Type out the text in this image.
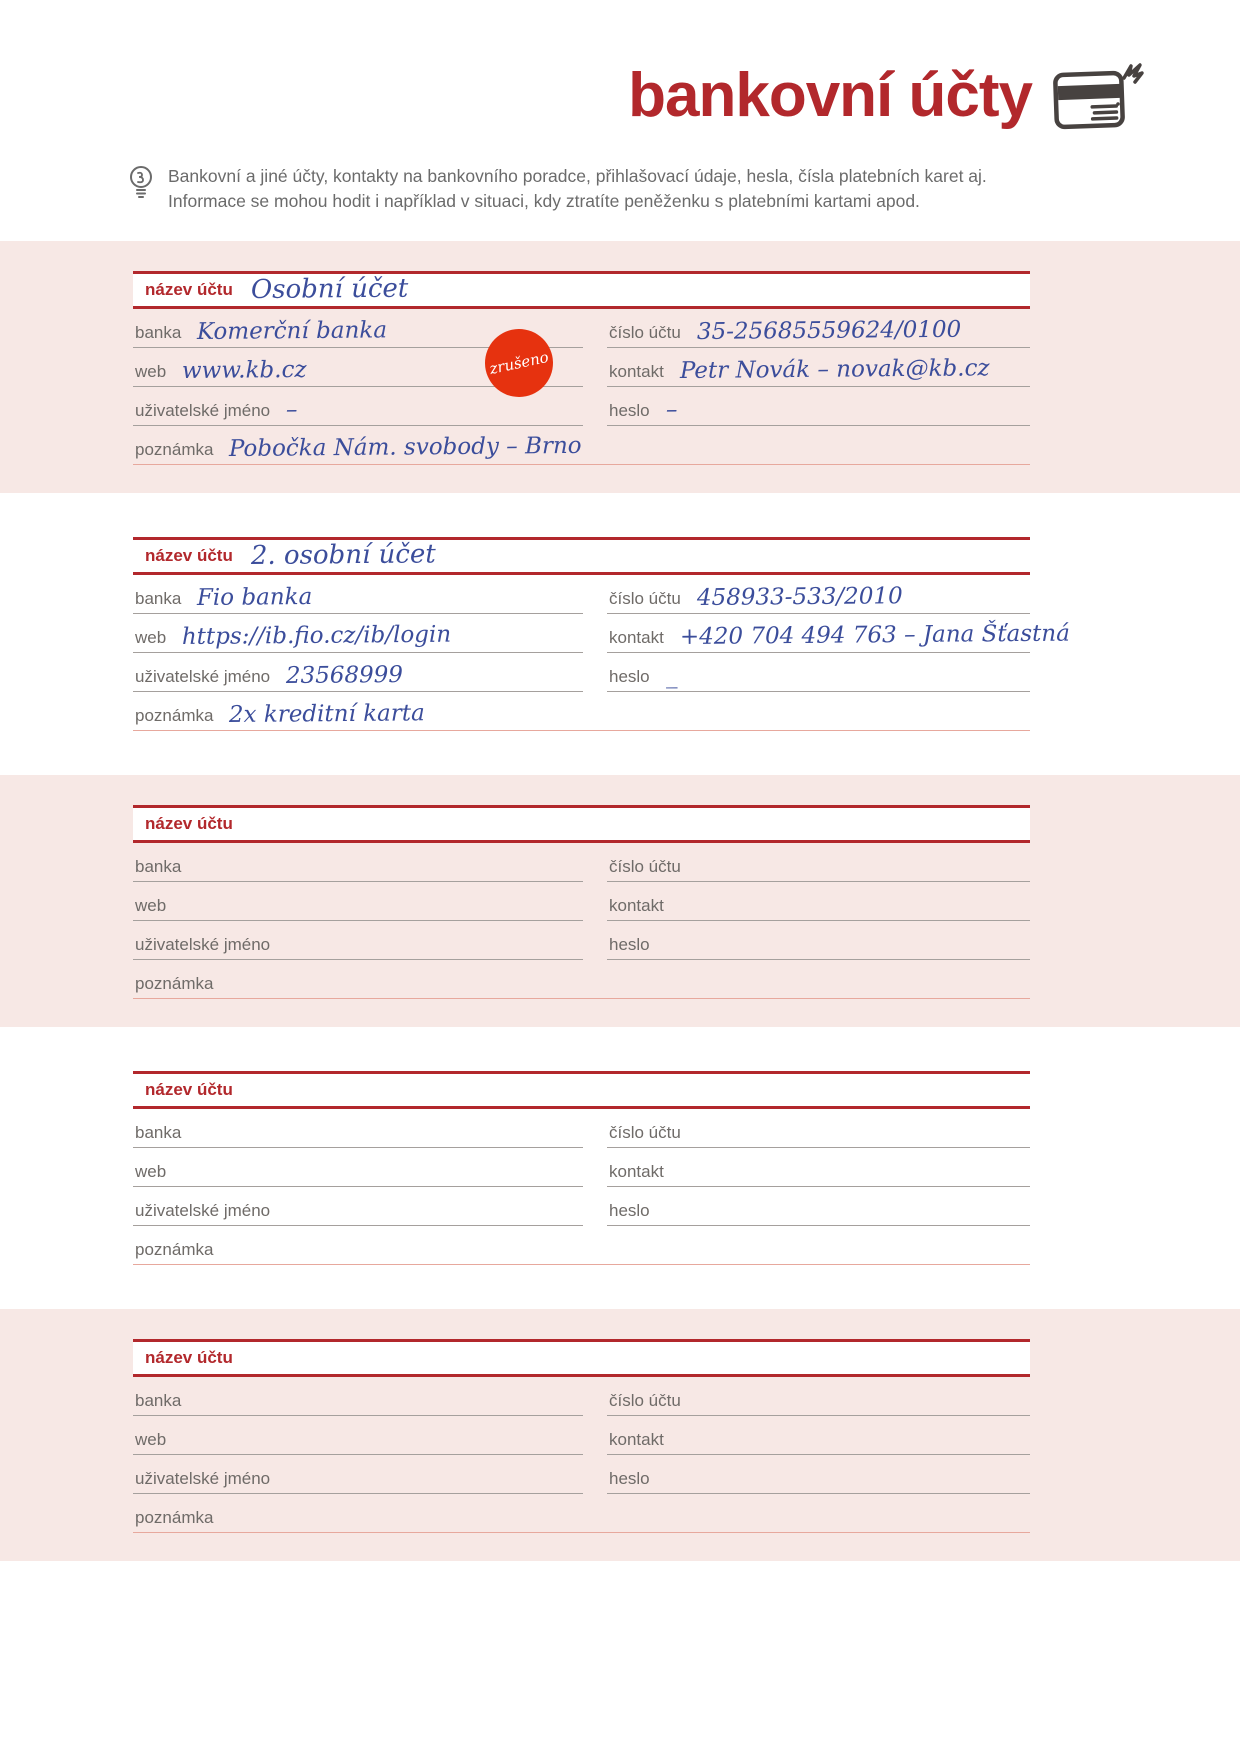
bankovní účty

Bankovní a jiné účty, kontakty na bankovního poradce, přihlašovací údaje, hesla, čísla platebních karet aj. Informace se mohou hodit i například v situaci, kdy ztratíte peněženku s platebními kartami apod.

název účtu Osobní účet
banka Komerční banka	číslo účtu 35-25685559624/0100
web www.kb.cz	kontakt Petr Novák – novak@kb.cz
uživatelské jméno –	heslo –
poznámka Pobočka Nám. svobody – Brno
zrušeno
název účtu 2. osobní účet
banka Fio banka	číslo účtu 458933-533/2010
web https://ib.fio.cz/ib/login	kontakt +420 704 494 763 – Jana Šťastná
uživatelské jméno 23568999	heslo _
poznámka 2x kreditní karta
název účtu
banka	číslo účtu
web	kontakt
uživatelské jméno	heslo
poznámka
název účtu
banka	číslo účtu
web	kontakt
uživatelské jméno	heslo
poznámka
název účtu
banka	číslo účtu
web	kontakt
uživatelské jméno	heslo
poznámka
